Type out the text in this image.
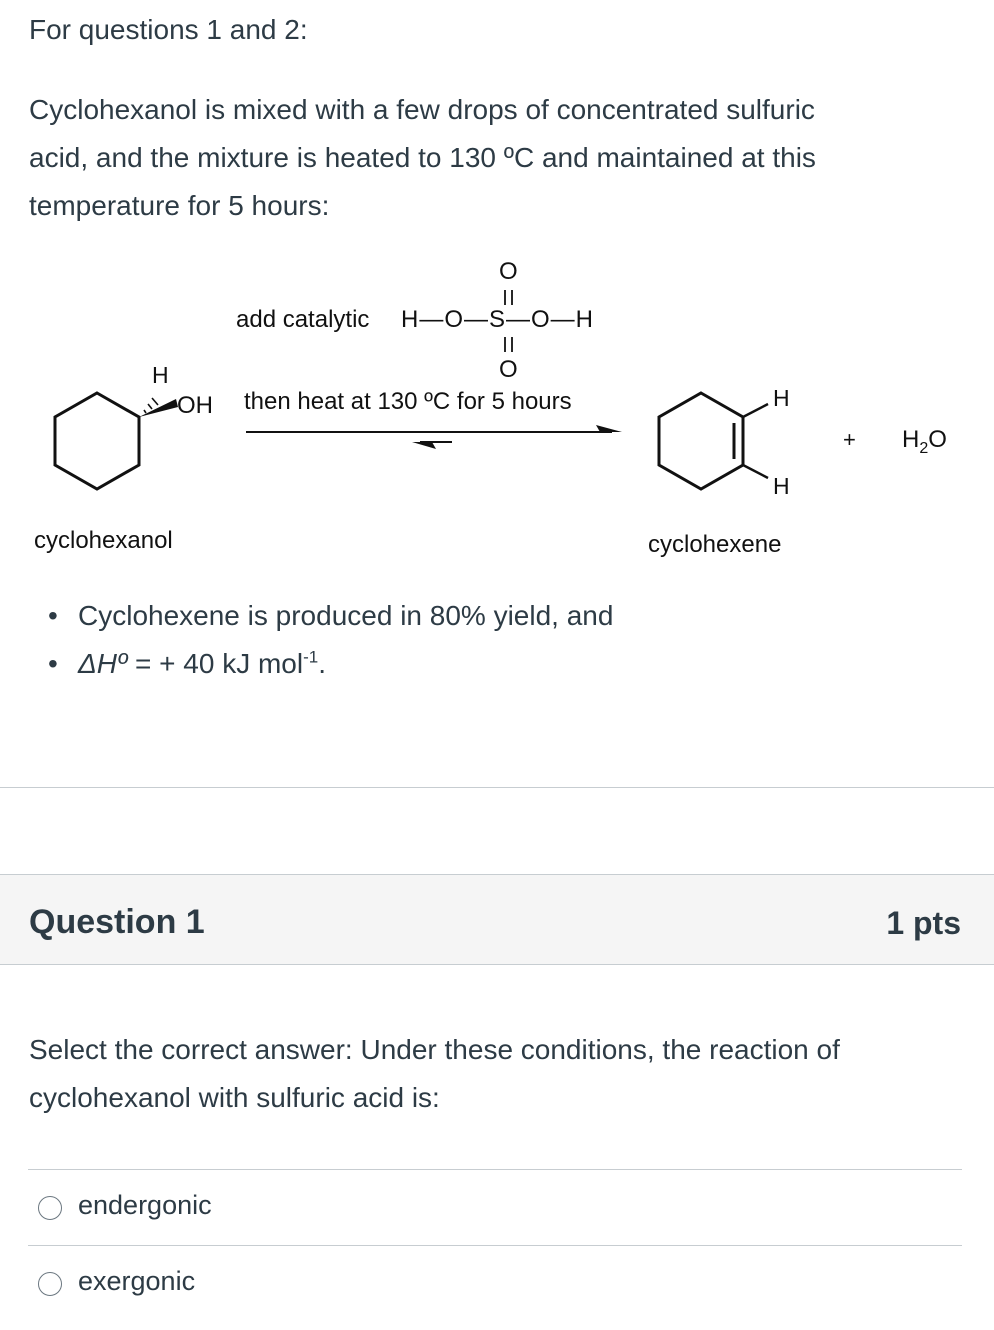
For questions 1 and 2:
Cyclohexanol is mixed with a few drops of concentrated sulfuric
acid, and the mixture is heated to 130 ºC and maintained at this
temperature for 5 hours:
add catalytic H—O—S—O—H
O
O
then heat at 130 ºC for 5 hours
H
OH
cyclohexanol
H
H
cyclohexene
+ $H_2O$
• Cyclohexene is produced in 80% yield, and
• ΔHº = + 40 kJ mol$^{-1}$.
Question 1	1 pts
Select the correct answer: Under these conditions, the reaction of
cyclohexanol with sulfuric acid is:
endergonic
exergonic
